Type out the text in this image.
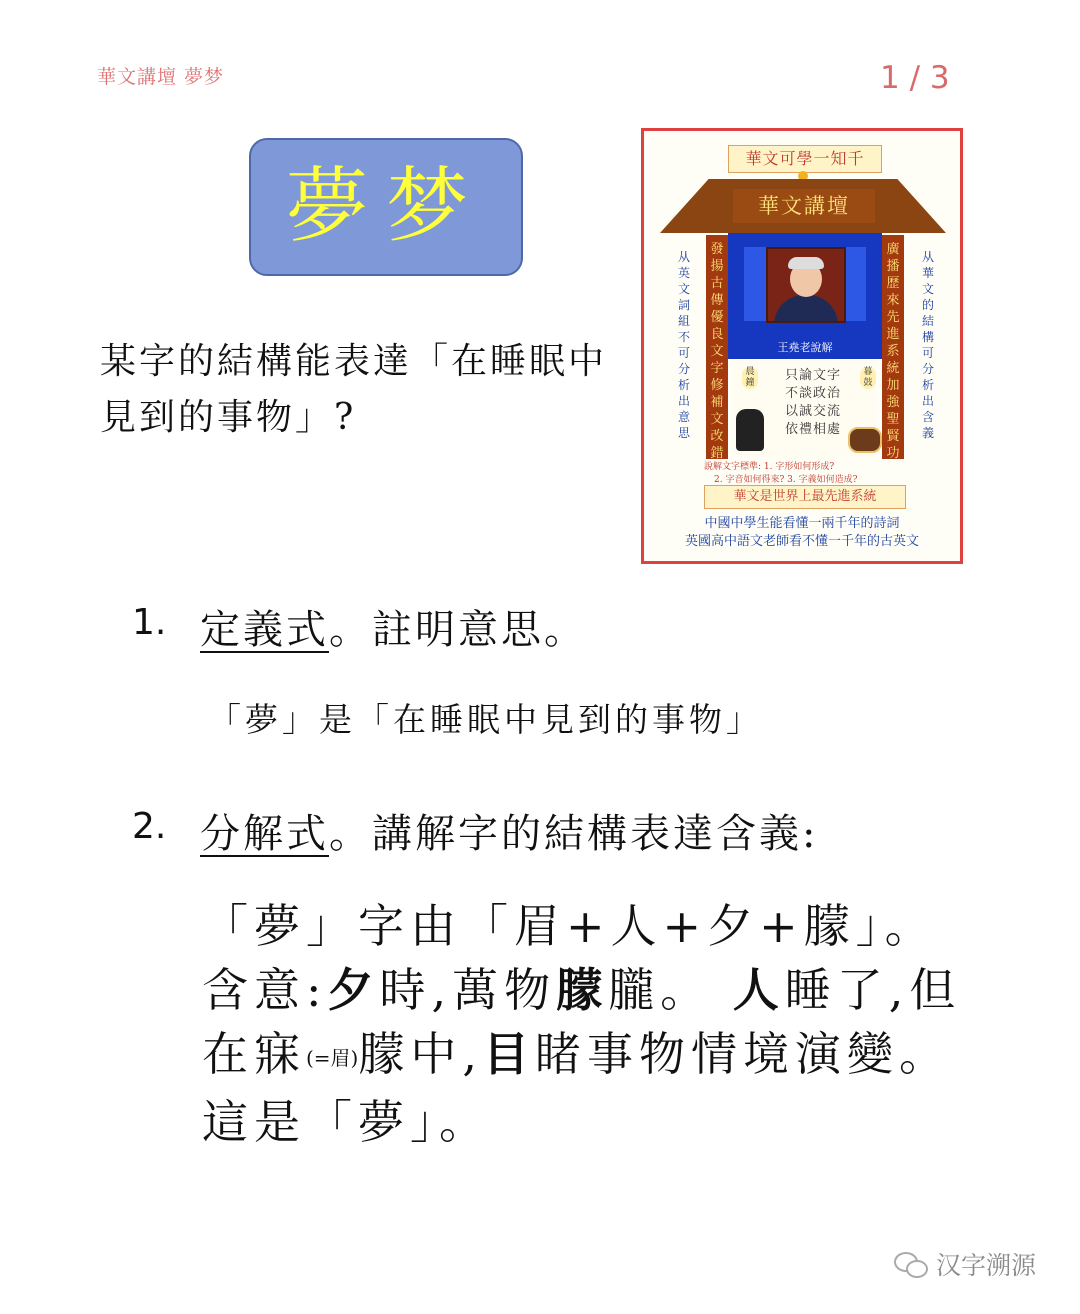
華文講壇 夢梦	1 / 3
夢梦
某字的結構能表達「在睡眠中見到的事物」?
華文可學一知千
華文講壇
王堯老說解
發揚古傳優良文字修補文改錯
廣播歷來先進系統加強聖賢功
从英文詞組 不可分析出意思
从華文的結構 可分析出含義
只論文字
不談政治
以誠交流
依禮相處
晨鐘
暮鼓
說解文字標準: 1. 字形如何形成?
2. 字音如何得來? 3. 字義如何造成?
華文是世界上最先進系統
中國中學生能看懂一兩千年的詩詞
英國高中語文老師看不懂一千年的古英文
1. 定義式。註明意思。
「夢」是「在睡眠中見到的事物」
2. 分解式。講解字的結構表達含義:
「夢」字由「眉+人+夕+朦」。含意:夕時,萬物朦朧。 人睡了,但在寐(=眉)朦中,目睹事物情境演變。這是「夢」。
汉字溯源
